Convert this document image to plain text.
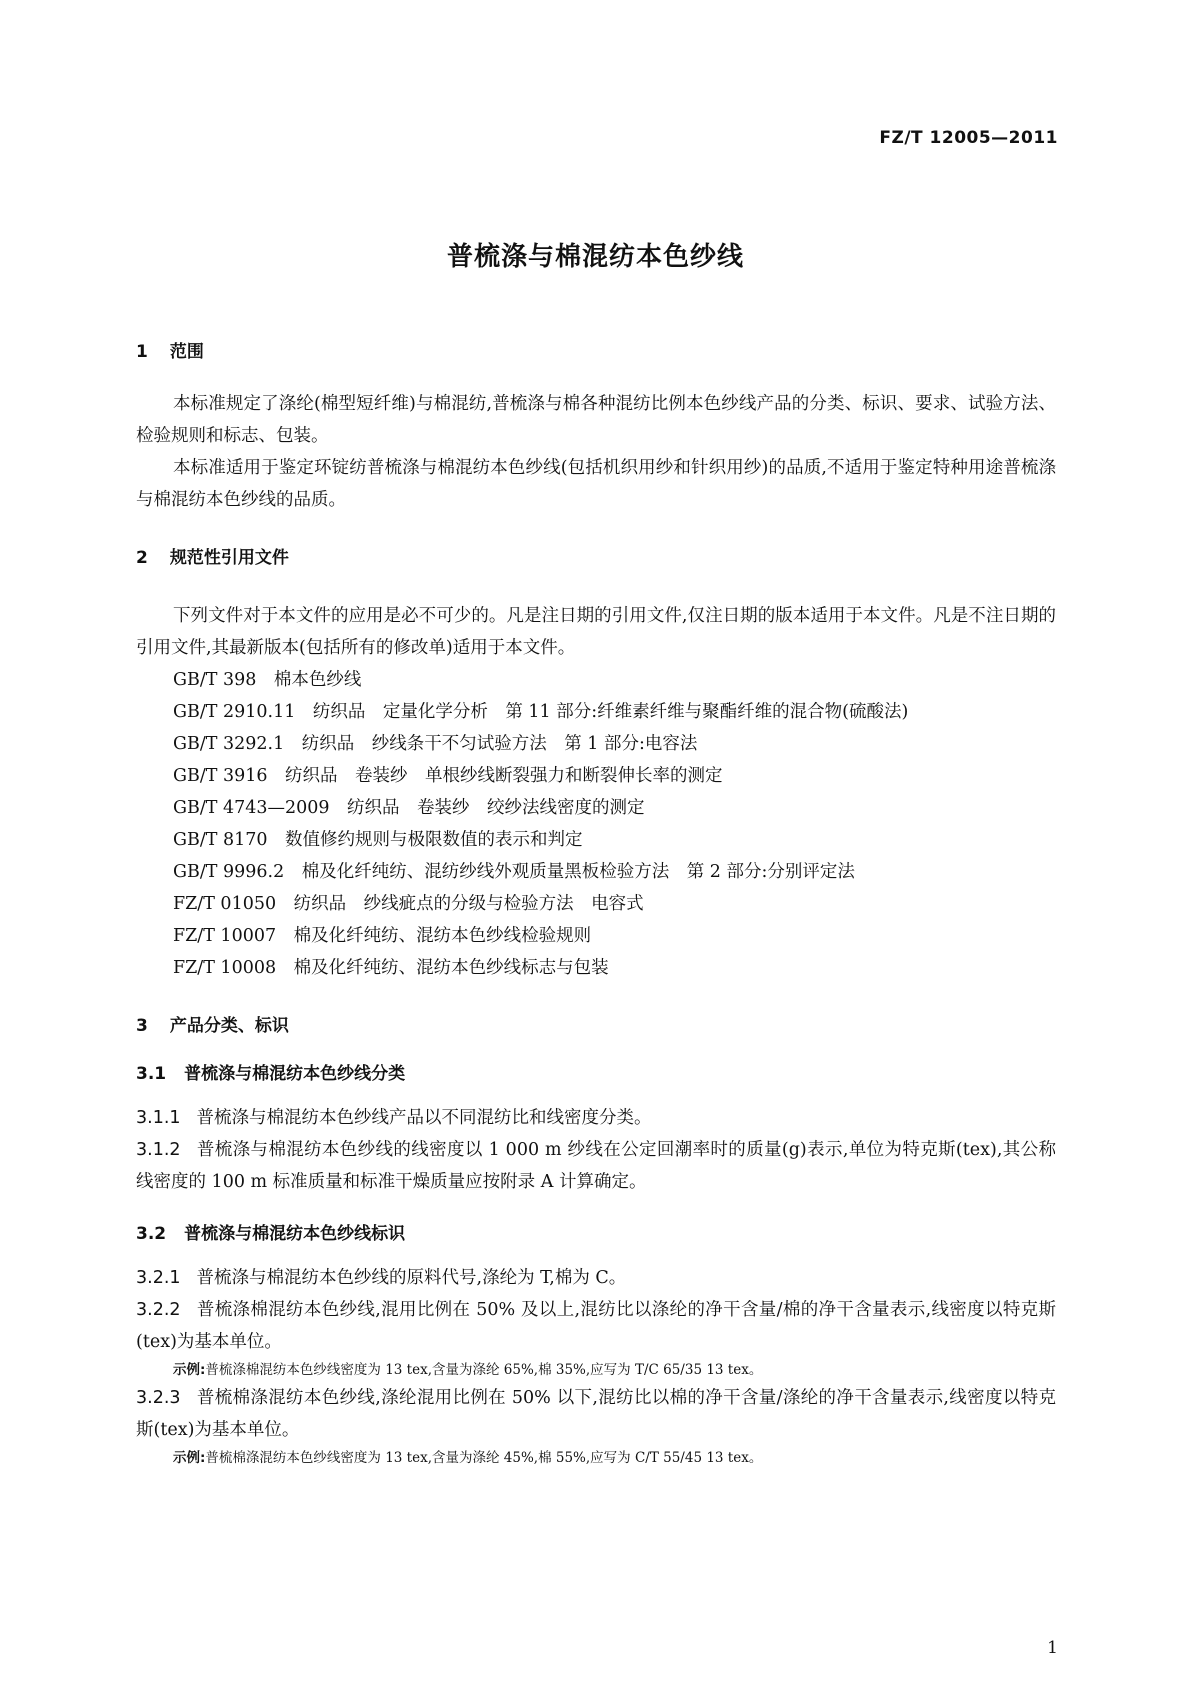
FZ/T 12005—2011
普梳涤与棉混纺本色纱线
1 范围

本标准规定了涤纶(棉型短纤维)与棉混纺,普梳涤与棉各种混纺比例本色纱线产品的分类、标识、要求、试验方法、检验规则和标志、包装。

本标准适用于鉴定环锭纺普梳涤与棉混纺本色纱线(包括机织用纱和针织用纱)的品质,不适用于鉴定特种用途普梳涤与棉混纺本色纱线的品质。

2 规范性引用文件

下列文件对于本文件的应用是必不可少的。凡是注日期的引用文件,仅注日期的版本适用于本文件。凡是不注日期的引用文件,其最新版本(包括所有的修改单)适用于本文件。

GB/T 398　 棉本色纱线
GB/T 2910.11　 纺织品　定量化学分析　第 11 部分:纤维素纤维与聚酯纤维的混合物(硫酸法)
GB/T 3292.1　 纺织品　纱线条干不匀试验方法　第 1 部分:电容法
GB/T 3916　 纺织品　卷装纱　单根纱线断裂强力和断裂伸长率的测定
GB/T 4743—2009　 纺织品　卷装纱　绞纱法线密度的测定
GB/T 8170　 数值修约规则与极限数值的表示和判定
GB/T 9996.2　 棉及化纤纯纺、混纺纱线外观质量黑板检验方法　第 2 部分:分别评定法
FZ/T 01050　 纺织品　纱线疵点的分级与检验方法　电容式
FZ/T 10007　 棉及化纤纯纺、混纺本色纱线检验规则
FZ/T 10008　 棉及化纤纯纺、混纺本色纱线标志与包装
3 产品分类、标识
3.1 普梳涤与棉混纺本色纱线分类

3.1.1 普梳涤与棉混纺本色纱线产品以不同混纺比和线密度分类。

3.1.2 普梳涤与棉混纺本色纱线的线密度以 1 000 m 纱线在公定回潮率时的质量(g)表示,单位为特克斯(tex),其公称线密度的 100 m 标准质量和标准干燥质量应按附录 A 计算确定。

3.2 普梳涤与棉混纺本色纱线标识

3.2.1 普梳涤与棉混纺本色纱线的原料代号,涤纶为 T,棉为 C。

3.2.2 普梳涤棉混纺本色纱线,混用比例在 50% 及以上,混纺比以涤纶的净干含量/棉的净干含量表示,线密度以特克斯(tex)为基本单位。

示例:普梳涤棉混纺本色纱线密度为 13 tex,含量为涤纶 65%,棉 35%,应写为 T/C 65/35 13 tex。

3.2.3 普梳棉涤混纺本色纱线,涤纶混用比例在 50% 以下,混纺比以棉的净干含量/涤纶的净干含量表示,线密度以特克斯(tex)为基本单位。

示例:普梳棉涤混纺本色纱线密度为 13 tex,含量为涤纶 45%,棉 55%,应写为 C/T 55/45 13 tex。
1
